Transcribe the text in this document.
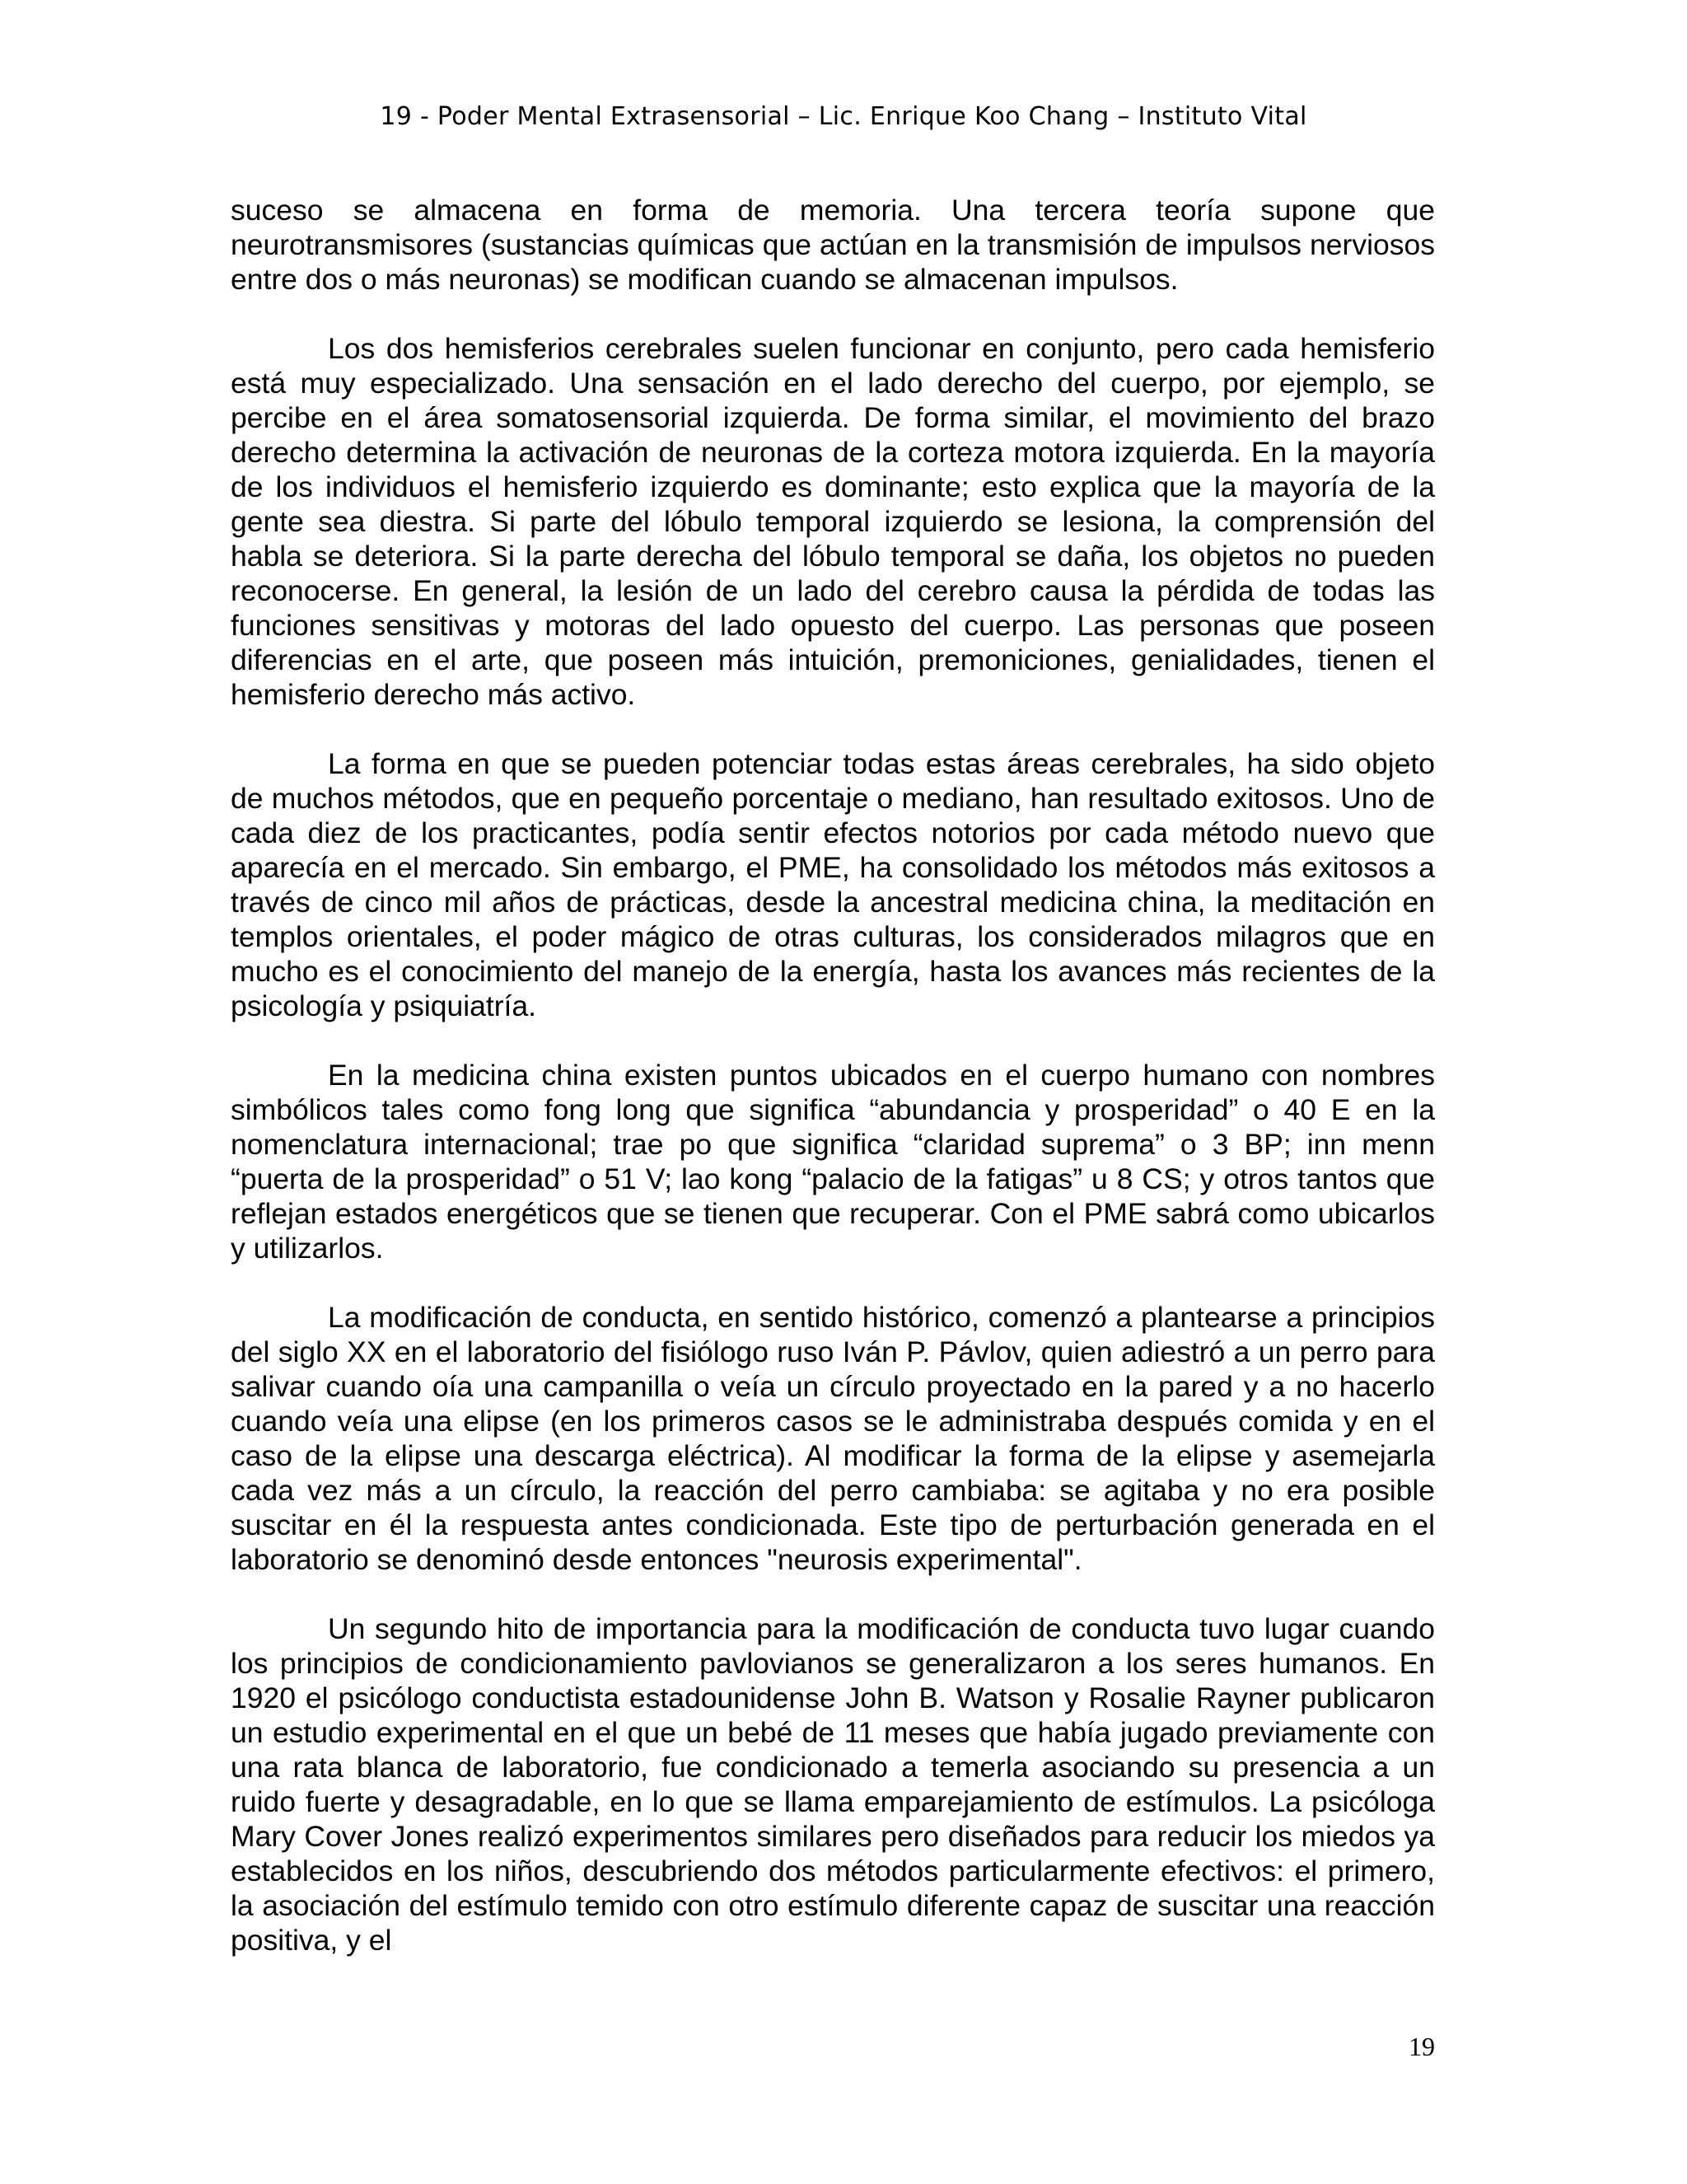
19 - Poder Mental Extrasensorial – Lic. Enrique Koo Chang – Instituto Vital

suceso se almacena en forma de memoria. Una tercera teoría supone que neurotransmisores (sustancias químicas que actúan en la transmisión de impulsos nerviosos entre dos o más neuronas) se modifican cuando se almacenan impulsos.

Los dos hemisferios cerebrales suelen funcionar en conjunto, pero cada hemisferio está muy especializado. Una sensación en el lado derecho del cuerpo, por ejemplo, se percibe en el área somatosensorial izquierda. De forma similar, el movimiento del brazo derecho determina la activación de neuronas de la corteza motora izquierda. En la mayoría de los individuos el hemisferio izquierdo es dominante; esto explica que la mayoría de la gente sea diestra. Si parte del lóbulo temporal izquierdo se lesiona, la comprensión del habla se deteriora. Si la parte derecha del lóbulo temporal se daña, los objetos no pueden reconocerse. En general, la lesión de un lado del cerebro causa la pérdida de todas las funciones sensitivas y motoras del lado opuesto del cuerpo. Las personas que poseen diferencias en el arte, que poseen más intuición, premoniciones, genialidades, tienen el hemisferio derecho más activo.

La forma en que se pueden potenciar todas estas áreas cerebrales, ha sido objeto de muchos métodos, que en pequeño porcentaje o mediano, han resultado exitosos. Uno de cada diez de los practicantes, podía sentir efectos notorios por cada método nuevo que aparecía en el mercado. Sin embargo, el PME, ha consolidado los métodos más exitosos a través de cinco mil años de prácticas, desde la ancestral medicina china, la meditación en templos orientales, el poder mágico de otras culturas, los considerados milagros que en mucho es el conocimiento del manejo de la energía, hasta los avances más recientes de la psicología y psiquiatría.

En la medicina china existen puntos ubicados en el cuerpo humano con nombres simbólicos tales como fong long que significa “abundancia y prosperidad” o 40 E en la nomenclatura internacional; trae po que significa “claridad suprema” o 3 BP; inn menn “puerta de la prosperidad” o 51 V; lao kong “palacio de la fatigas” u 8 CS; y otros tantos que reflejan estados energéticos que se tienen que recuperar. Con el PME sabrá como ubicarlos y utilizarlos.

La modificación de conducta, en sentido histórico, comenzó a plantearse a principios del siglo XX en el laboratorio del fisiólogo ruso Iván P. Pávlov, quien adiestró a un perro para salivar cuando oía una campanilla o veía un círculo proyectado en la pared y a no hacerlo cuando veía una elipse (en los primeros casos se le administraba después comida y en el caso de la elipse una descarga eléctrica). Al modificar la forma de la elipse y asemejarla cada vez más a un círculo, la reacción del perro cambiaba: se agitaba y no era posible suscitar en él la respuesta antes condicionada. Este tipo de perturbación generada en el laboratorio se denominó desde entonces "neurosis experimental".

Un segundo hito de importancia para la modificación de conducta tuvo lugar cuando los principios de condicionamiento pavlovianos se generalizaron a los seres humanos. En 1920 el psicólogo conductista estadounidense John B. Watson y Rosalie Rayner publicaron un estudio experimental en el que un bebé de 11 meses que había jugado previamente con una rata blanca de laboratorio, fue condicionado a temerla asociando su presencia a un ruido fuerte y desagradable, en lo que se llama emparejamiento de estímulos. La psicóloga Mary Cover Jones realizó experimentos similares pero diseñados para reducir los miedos ya establecidos en los niños, descubriendo dos métodos particularmente efectivos: el primero, la asociación del estímulo temido con otro estímulo diferente capaz de suscitar una reacción positiva, y el

19
